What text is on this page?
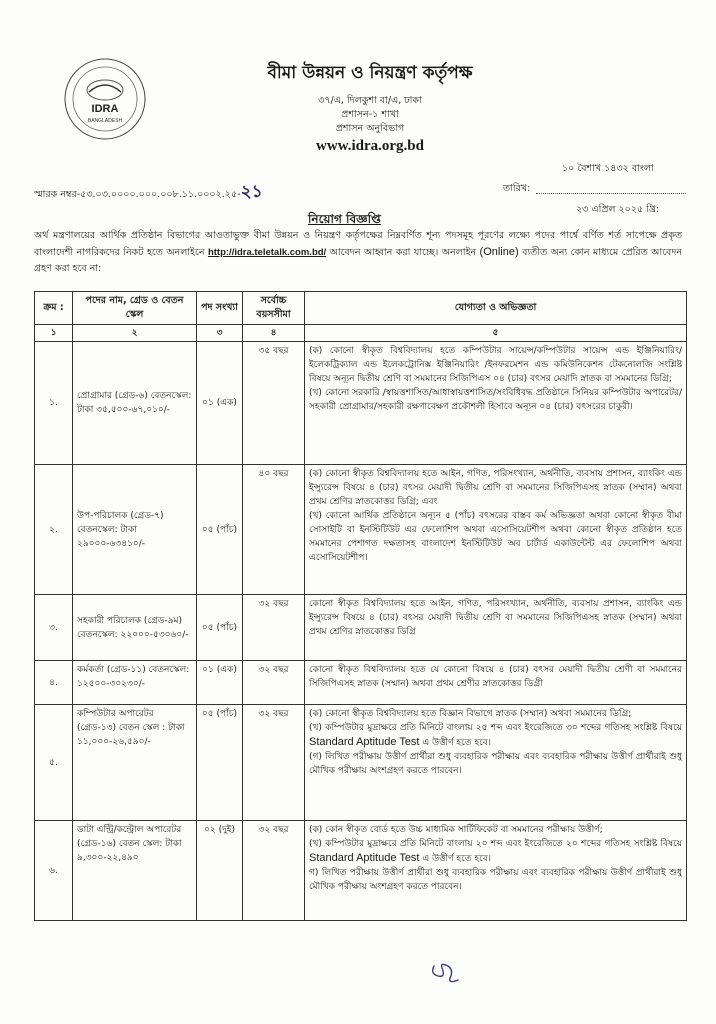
IDRA
BANGLADESH
বীমা উন্নয়ন ও নিয়ন্ত্রণ কর্তৃপক্ষ
৩৭/এ, দিলকুশা বা/এ, ঢাকা
প্রশাসন-১ শাখা
প্রশাসন অনুবিভাগ
www.idra.org.bd
১০ বৈশাখ ১৪৩২ বাংলা
স্মারক নম্বর-৫৩.০৩.০০০০.০০০.০০৮.১১.০০০২.২৫-২১	তারিখ:
২৩ এপ্রিল ২০২৫ খ্রি:
নিয়োগ বিজ্ঞপ্তি
অর্থ মন্ত্রণালয়ের আর্থিক প্রতিষ্ঠান বিভাগের আওতাভুক্ত বীমা উন্নয়ন ও নিয়ন্ত্রণ কর্তৃপক্ষের নিম্নবর্ণিত শূন্য পদসমূহ পূরণের লক্ষ্যে পদের পার্শ্বে বর্ণিত শর্ত সাপেক্ষে প্রকৃত বাংলাদেশী নাগরিকদের নিকট হতে অনলাইনে http://idra.teletalk.com.bd/ আবেদন আহ্বান করা যাচ্ছে। অনলাইন (Online) ব্যতীত অন্য কোন মাধ্যমে প্রেরিত আবেদন গ্রহণ করা হবে না:
ক্রম :	পদের নাম, গ্রেড ও বেতন স্কেল	পদ সংখ্যা	সর্বোচ্চ বয়সসীমা	যোগ্যতা ও অভিজ্ঞতা
১	২	৩	৪	৫
১.	প্রোগ্রামার (গ্রেড-৬) বেতনস্কেল: টাকা ৩৫,৫০০-৬৭,০১০/-	০১ (এক)	৩৫ বছর	(ক) কোনো স্বীকৃত বিশ্ববিদ্যালয় হতে কম্পিউটার সায়েন্স/কম্পিউটার সায়েন্স এন্ড ইঞ্জিনিয়ারিং/ইলেকট্রিক্যাল এন্ড ইলেকট্রোনিক্স ইঞ্জিনিয়ারিং /ইনফরমেশন এন্ড কমিউনিকেশন টেকনোলজি সংশ্লিষ্ট বিষয়ে অন্যূন দ্বিতীয় শ্রেণি বা সমমানের সিজিপিএস ০৪ (চার) বৎসর মেয়াদি স্নাতক বা সমমানের ডিগ্রি;
(খ) কোনো সরকারি /স্বায়ত্তশাসিত/আধাস্বায়ত্তশাসিত/সংবিধিবদ্ধ প্রতিষ্ঠানে সিনিয়র কম্পিউটার অপারেটর/সহকারী প্রোগ্রামার/সহকারী রক্ষণাবেক্ষণ প্রকৌশলী হিসাবে অন্যূন ০৪ (চার) বৎসরের চাকুরী।

২.	উপ-পরিচালক (গ্রেড-৭) বেতনস্কেল: টাকা ২৯০০০-৬৩৪১০/-	০৫ (পাঁচ)	৪০ বছর	(ক) কোনো স্বীকৃত বিশ্ববিদ্যালয় হতে আইন, গণিত, পরিসংখ্যান, অর্থনীতি, ব্যবসায় প্রশাসন, ব্যাংকিং এন্ড ইন্স্যুরেন্স বিষয়ে ৪ (চার) বৎসর মেয়াদী দ্বিতীয় শ্রেণি বা সমমানের সিজিপিএসহ স্নাতক (সম্মান) অথবা প্রথম শ্রেণির স্নাতকোত্তর ডিগ্রি; এবং
(খ) কোনো আর্থিক প্রতিষ্ঠানে অন্যূন ৫ (পাঁচ) বৎসরের বাস্তব কর্ম অভিজ্ঞতা অথবা কোনো স্বীকৃত বীমা সোসাইটি বা ইনস্টিটিউট এর ফেলোশিপ অথবা এসোসিয়েটশীপ অথবা কোনো স্বীকৃত প্রতিষ্ঠান হতে সমমানের পেশাগত দক্ষতাসহ বাংলাদেশ ইনস্টিটিউট অব চার্টার্ড একাউন্টেন্ট এর ফেলোশিপ অথবা এসোসিয়েটশীপ।

৩.	সহকারী পরিচালক (গ্রেড-৯ম) বেতনস্কেল: ২২০০০-৫৩০৬০/-	০৫ (পাঁচ)	৩২ বছর	কোনো স্বীকৃত বিশ্ববিদ্যালয় হতে আইন, গণিত, পরিসংখ্যান, অর্থনীতি, ব্যবসায় প্রশাসন, ব্যাংকিং এন্ড ইন্স্যুরেন্স বিষয়ে ৪ (চার) বৎসর মেয়াদী দ্বিতীয় শ্রেণি বা সমমানের সিজিপিএসহ স্নাতক (সম্মান) অথবা প্রথম শ্রেণির স্নাতকোত্তর ডিগ্রি

৪.	কর্মকর্তা (গ্রেড-১১) বেতনস্কেল: ১২৫০০-৩০২৩০/-	০১ (এক)	৩২ বছর	কোনো স্বীকৃত বিশ্ববিদ্যালয় হতে যে কোনো বিষয়ে ৪ (চার) বৎসর মেয়াদী দ্বিতীয় শ্রেণী বা সমমানের সিজিপিএসহ স্নাতক (সম্মান) অথবা প্রথম শ্রেণীর স্নাতকোত্তর ডিগ্রী

৫.	কম্পিউটার অপারেটর (গ্রেড-১৩) বেতন স্কেল : টাকা ১১,০০০-২৬,৫৯০/-	০৫ (পাঁচ)	৩২ বছর	(ক) কোনো স্বীকৃত বিশ্ববিদ্যালয় হতে বিজ্ঞান বিভাগে স্নাতক (সম্মান) অথবা সমমানের ডিগ্রি;
(খ) কম্পিউটার মুদ্রাক্ষরে প্রতি মিনিটে বাংলায় ২৫ শব্দ এবং ইংরেজিতে ৩০ শব্দের গতিসহ সংশ্লিষ্ট বিষয়ে Standard Aptitude Test এ উত্তীর্ণ হতে হবে।
(গ) লিখিত পরীক্ষায় উত্তীর্ণ প্রার্থীরা শুধু ব্যবহারিক পরীক্ষায় এবং ব্যবহারিক পরীক্ষায় উত্তীর্ণ প্রার্থীরাই শুধু মৌখিক পরীক্ষায় অংশগ্রহণ করতে পারবেন।

৬.	ডাটা এন্ট্রি/কন্ট্রোল অপারেটর (গ্রেড-১৬) বেতন স্কেল: টাকা ৯,৩০০-২২,৪৯০	০২ (দুই)	৩২ বছর	(ক) কোন স্বীকৃত বোর্ড হতে উচ্চ মাধ্যমিক সার্টিফিকেট বা সমমানের পরীক্ষায় উত্তীর্ণ;
(খ) কম্পিউটার মুদ্রাক্ষরে প্রতি মিনিটে বাংলায় ২০ শব্দ এবং ইংরেজিতে ২০ শব্দের গতিসহ সংশ্লিষ্ট বিষয়ে Standard Aptitude Test এ উত্তীর্ণ হতে হবে।
গ) লিখিত পরীক্ষায় উত্তীর্ণ প্রার্থীরা শুধু ব্যবহারিক পরীক্ষায় এবং ব্যবহারিক পরীক্ষায় উত্তীর্ণ প্রার্থীরাই শুধু মৌখিক পরীক্ষায় অংশগ্রহণ করতে পারবেন।
